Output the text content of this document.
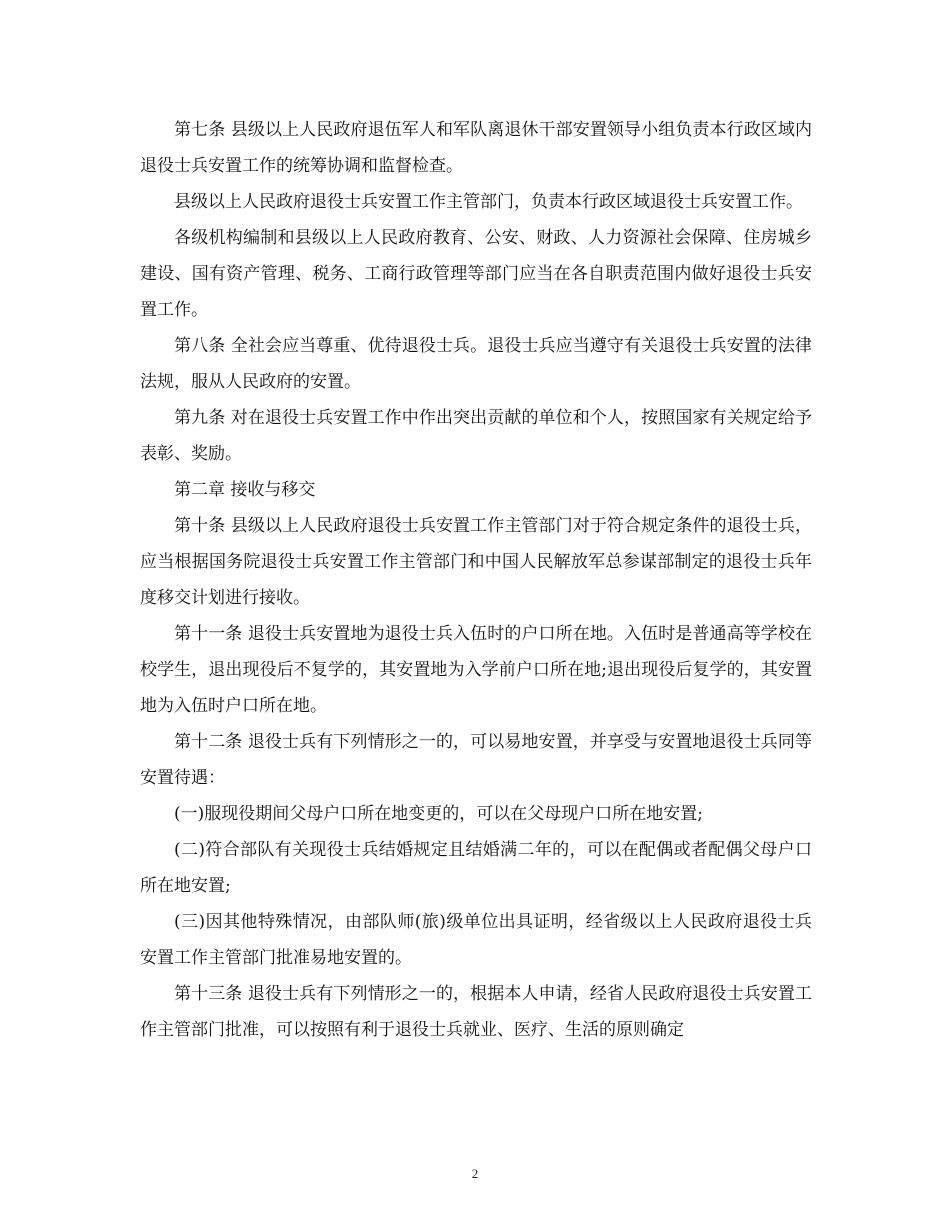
第七条 县级以上人民政府退伍军人和军队离退休干部安置领导小组负责本行政区域内退役士兵安置工作的统筹协调和监督检查。

县级以上人民政府退役士兵安置工作主管部门，负责本行政区域退役士兵安置工作。

各级机构编制和县级以上人民政府教育、公安、财政、人力资源社会保障、住房城乡建设、国有资产管理、税务、工商行政管理等部门应当在各自职责范围内做好退役士兵安置工作。

第八条 全社会应当尊重、优待退役士兵。退役士兵应当遵守有关退役士兵安置的法律法规，服从人民政府的安置。

第九条 对在退役士兵安置工作中作出突出贡献的单位和个人，按照国家有关规定给予表彰、奖励。

第二章 接收与移交

第十条 县级以上人民政府退役士兵安置工作主管部门对于符合规定条件的退役士兵，应当根据国务院退役士兵安置工作主管部门和中国人民解放军总参谋部制定的退役士兵年度移交计划进行接收。

第十一条 退役士兵安置地为退役士兵入伍时的户口所在地。入伍时是普通高等学校在校学生，退出现役后不复学的，其安置地为入学前户口所在地;退出现役后复学的，其安置地为入伍时户口所在地。

第十二条 退役士兵有下列情形之一的，可以易地安置，并享受与安置地退役士兵同等安置待遇：

(一)服现役期间父母户口所在地变更的，可以在父母现户口所在地安置;

(二)符合部队有关现役士兵结婚规定且结婚满二年的，可以在配偶或者配偶父母户口所在地安置;

(三)因其他特殊情况，由部队师(旅)级单位出具证明，经省级以上人民政府退役士兵安置工作主管部门批准易地安置的。

第十三条 退役士兵有下列情形之一的，根据本人申请，经省人民政府退役士兵安置工作主管部门批准，可以按照有利于退役士兵就业、医疗、生活的原则确定

2
